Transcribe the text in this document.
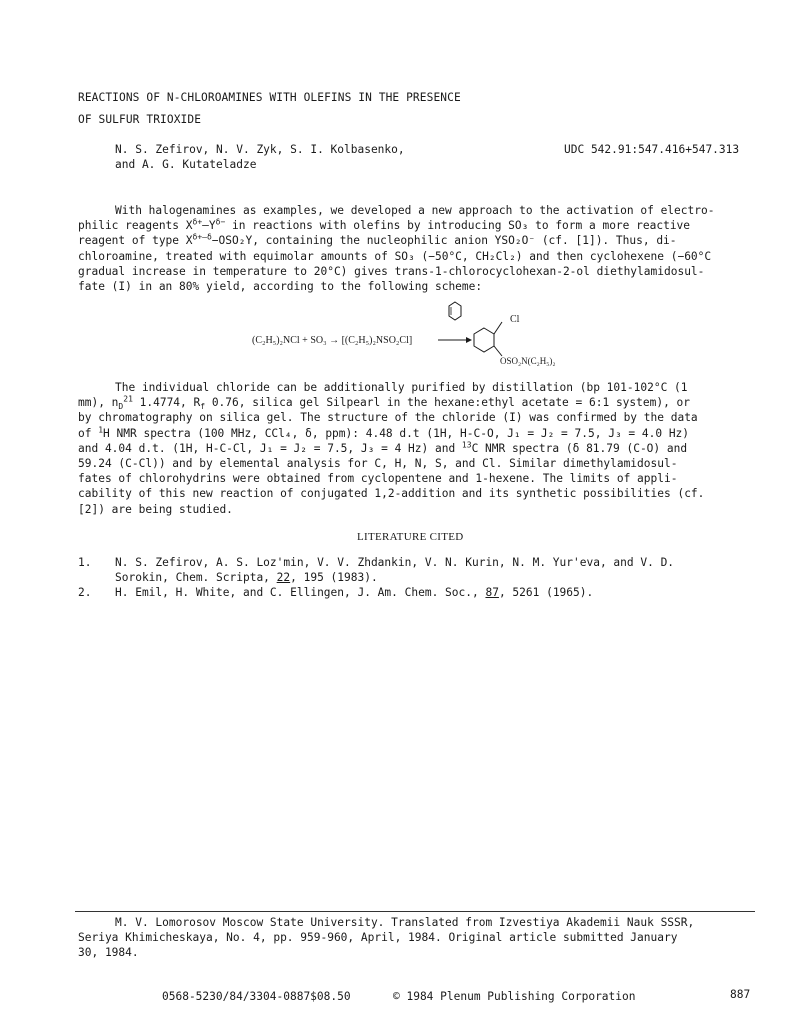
REACTIONS OF N-CHLOROAMINES WITH OLEFINS IN THE PRESENCE
OF SULFUR TRIOXIDE
N. S. Zefirov, N. V. Zyk, S. I. Kolbasenko,
and A. G. Kutateladze
UDC 542.91:547.416+547.313
With halogenamines as examples, we developed a new approach to the activation of electro-
philic reagents $X^{\delta+}—Y^{\delta-}$ in reactions with olefins by introducing SO₃ to form a more reactive
reagent of type $X^{\delta+—\delta}-OSO_2Y$, containing the nucleophilic anion YSO₂O⁻ (cf. [1]). Thus, di-
chloroamine, treated with equimolar amounts of SO₃ (−50°C, CH₂Cl₂) and then cyclohexene (−60°C
gradual increase in temperature to 20°C) gives trans-1-chlorocyclohexan-2-ol diethylamidosul-
fate (I) in an 80% yield, according to the following scheme:
(C₂H₅)₂NCl + SO₃ → [(C₂H₅)₂NSO₂Cl]
Cl
OSO₂N(C₂H₅)₂
The individual chloride can be additionally purified by distillation (bp 101-102°C (1
mm), $n_D^{21}$ 1.4774, $R_f$ 0.76, silica gel Silpearl in the hexane:ethyl acetate = 6:1 system), or
by chromatography on silica gel. The structure of the chloride (I) was confirmed by the data
of $^1$H NMR spectra (100 MHz, CCl₄, δ, ppm): 4.48 d.t (1H, H-C-O, J₁ = J₂ = 7.5, J₃ = 4.0 Hz)
and 4.04 d.t. (1H, H-C-Cl, J₁ = J₂ = 7.5, J₃ = 4 Hz) and $^{13}$C NMR spectra (δ 81.79 (C-O) and
59.24 (C-Cl)) and by elemental analysis for C, H, N, S, and Cl. Similar dimethylamidosul-
fates of chlorohydrins were obtained from cyclopentene and 1-hexene. The limits of appli-
cability of this new reaction of conjugated 1,2-addition and its synthetic possibilities (cf.
[2]) are being studied.
LITERATURE CITED
1. N. S. Zefirov, A. S. Loz'min, V. V. Zhdankin, V. N. Kurin, N. M. Yur'eva, and V. D.
Sorokin, Chem. Scripta, 22, 195 (1983).
2. H. Emil, H. White, and C. Ellingen, J. Am. Chem. Soc., 87, 5261 (1965).
M. V. Lomorosov Moscow State University. Translated from Izvestiya Akademii Nauk SSSR,
Seriya Khimicheskaya, No. 4, pp. 959-960, April, 1984. Original article submitted January
30, 1984.
0568-5230/84/3304-0887$08.50	© 1984 Plenum Publishing Corporation	887
